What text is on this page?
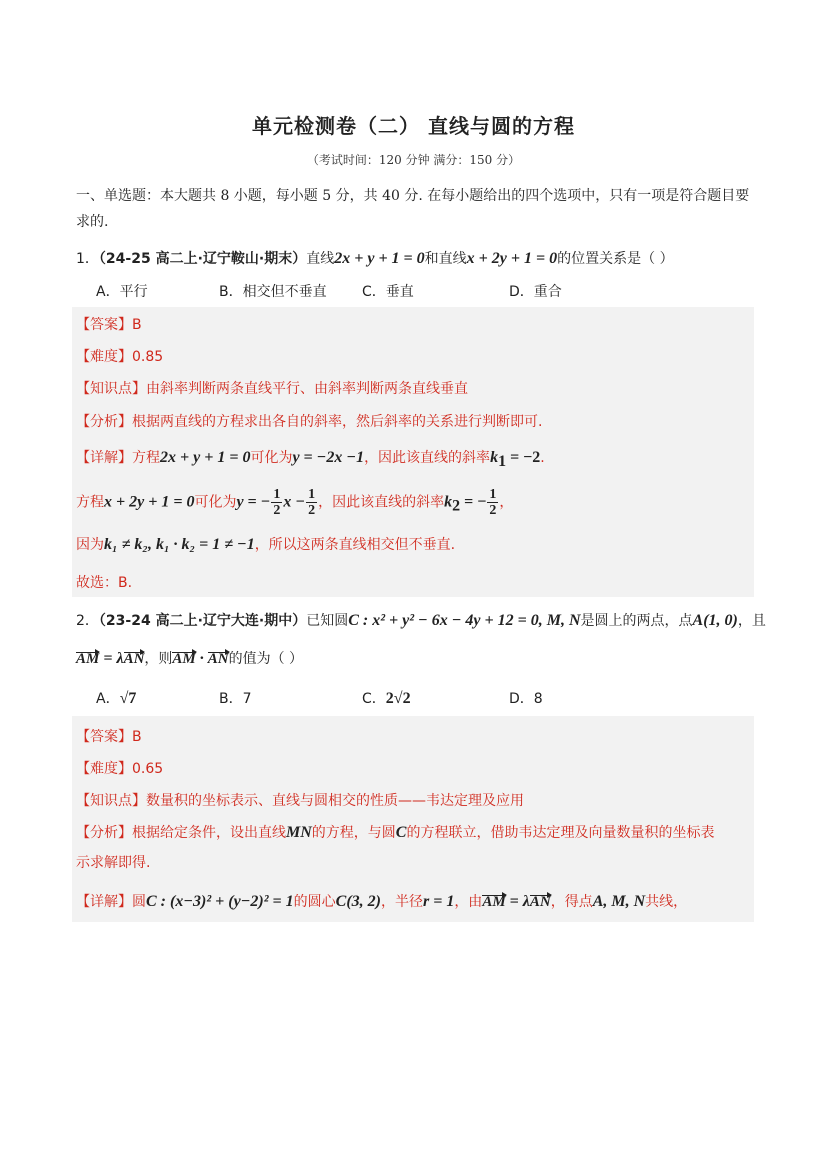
单元检测卷（二） 直线与圆的方程
（考试时间：120 分钟 满分：150 分）
一、单选题：本大题共 8 小题，每小题 5 分，共 40 分. 在每小题给出的四个选项中，只有一项是符合题目要求的.
1．（24-25 高二上·辽宁鞍山·期末）直线2x + y + 1 = 0和直线x + 2y + 1 = 0的位置关系是（ ）
A．平行	B．相交但不垂直	C．垂直	D．重合
【答案】B
【难度】0.85
【知识点】由斜率判断两条直线平行、由斜率判断两条直线垂直
【分析】根据两直线的方程求出各自的斜率，然后斜率的关系进行判断即可.
【详解】方程2x + y + 1 = 0可化为y = −2x −1，因此该直线的斜率$k_1 = -2$.
方程x + 2y + 1 = 0可化为y = − $\frac{1}{2}$ $x - \frac{1}{2}$ ，因此该直线的斜率$k_2$ = − $\frac{1}{2}$ ，
因为k₁ ≠ k₂, k₁ · k₂ = 1 ≠ −1，所以这两条直线相交但不垂直.
故选：B.
2．（23-24 高二上·辽宁大连·期中）已知圆C : x² + y² − 6x − 4y + 12 = 0, M, N是圆上的两点，点A(1, 0)，且
AM = λAN，则AM · AN的值为（ ）
A．√7	B．7	C．2√2	D．8
【答案】B
【难度】0.65
【知识点】数量积的坐标表示、直线与圆相交的性质——韦达定理及应用
【分析】根据给定条件，设出直线MN的方程，与圆C的方程联立，借助韦达定理及向量数量积的坐标表
示求解即得.
【详解】圆C : (x−3)² + (y−2)² = 1的圆心C(3, 2)，半径r = 1，由AM = λAN，得点A, M, N共线，
